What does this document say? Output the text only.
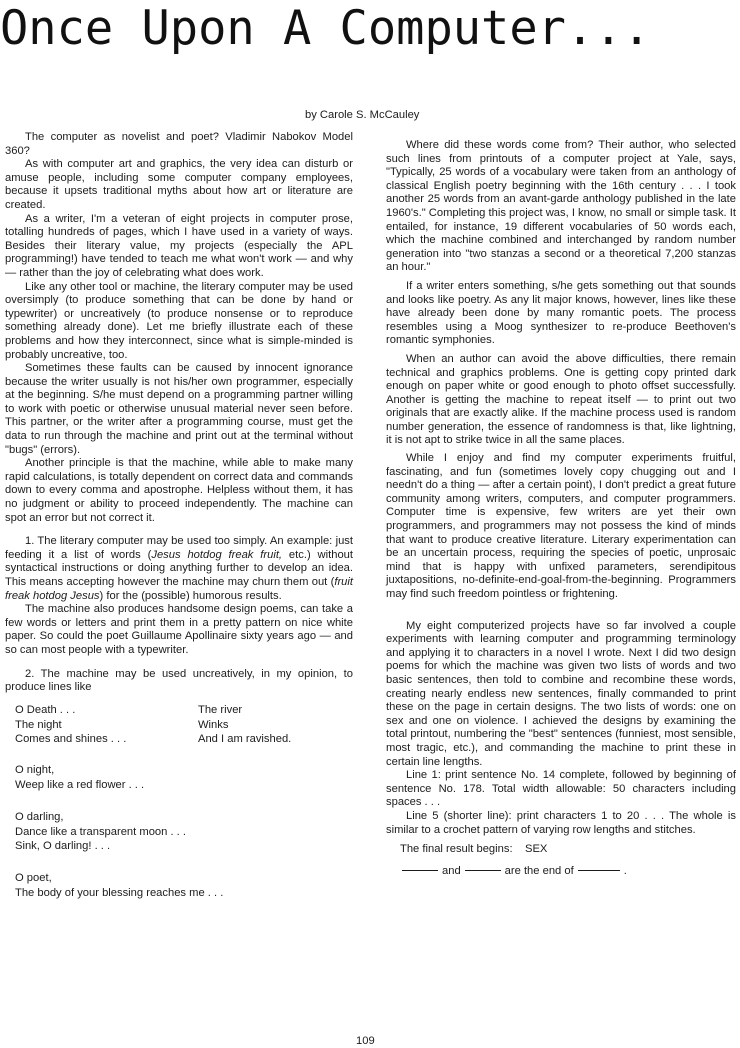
Once Upon A Computer...
by Carole S. McCauley

The computer as novelist and poet? Vladimir Nabokov Model 360?

As with computer art and graphics, the very idea can disturb or amuse people, including some computer company employees, because it upsets traditional myths about how art or literature are created.

As a writer, I'm a veteran of eight projects in computer prose, totalling hundreds of pages, which I have used in a variety of ways. Besides their literary value, my projects (especially the APL programming!) have tended to teach me what won't work — and why — rather than the joy of celebrating what does work.

Like any other tool or machine, the literary computer may be used oversimply (to produce something that can be done by hand or typewriter) or uncreatively (to produce nonsense or to reproduce something already done). Let me briefly illustrate each of these problems and how they interconnect, since what is simple-minded is probably uncreative, too.

Sometimes these faults can be caused by innocent ignorance because the writer usually is not his/her own programmer, especially at the beginning. S/he must depend on a programming partner willing to work with poetic or otherwise unusual material never seen before. This partner, or the writer after a programming course, must get the data to run through the machine and print out at the terminal without "bugs" (errors).

Another principle is that the machine, while able to make many rapid calculations, is totally dependent on correct data and commands down to every comma and apostrophe. Helpless without them, it has no judgment or ability to proceed independently. The machine can spot an error but not correct it.

1. The literary computer may be used too simply. An example: just feeding it a list of words (Jesus hotdog freak fruit, etc.) without syntactical instructions or doing anything further to develop an idea. This means accepting however the machine may churn them out (fruit freak hotdog Jesus) for the (possible) humorous results.

The machine also produces handsome design poems, can take a few words or letters and print them in a pretty pattern on nice white paper. So could the poet Guillaume Apollinaire sixty years ago — and so can most people with a typewriter.

2. The machine may be used uncreatively, in my opinion, to produce lines like

O Death . . .
The night
Comes and shines . . .
The river
Winks
And I am ravished.
O night,
Weep like a red flower . . .
O darling,
Dance like a transparent moon . . .
Sink, O darling! . . .
O poet,
The body of your blessing reaches me . . .

Where did these words come from? Their author, who selected such lines from printouts of a computer project at Yale, says, "Typically, 25 words of a vocabulary were taken from an anthology of classical English poetry beginning with the 16th century . . . I took another 25 words from an avant-garde anthology published in the late 1960's." Completing this project was, I know, no small or simple task. It entailed, for instance, 19 different vocabularies of 50 words each, which the machine combined and interchanged by random number generation into "two stanzas a second or a theoretical 7,200 stanzas an hour."

If a writer enters something, s/he gets something out that sounds and looks like poetry. As any lit major knows, however, lines like these have already been done by many romantic poets. The process resembles using a Moog synthesizer to re-produce Beethoven's romantic symphonies.

When an author can avoid the above difficulties, there remain technical and graphics problems. One is getting copy printed dark enough on paper white or good enough to photo offset successfully. Another is getting the machine to repeat itself — to print out two originals that are exactly alike. If the machine process used is random number generation, the essence of randomness is that, like lightning, it is not apt to strike twice in all the same places.

While I enjoy and find my computer experiments fruitful, fascinating, and fun (sometimes lovely copy chugging out and I needn't do a thing — after a certain point), I don't predict a great future community among writers, computers, and computer programmers. Computer time is expensive, few writers are yet their own programmers, and programmers may not possess the kind of minds that want to produce creative literature. Literary experimentation can be an uncertain process, requiring the species of poetic, unprosaic mind that is happy with unfixed parameters, serendipitous juxtapositions, no-definite-end-goal-from-the-beginning. Programmers may find such freedom pointless or frightening.

My eight computerized projects have so far involved a couple experiments with learning computer and programming terminology and applying it to characters in a novel I wrote. Next I did two design poems for which the machine was given two lists of words and two basic sentences, then told to combine and recombine these words, creating nearly endless new sentences, finally commanded to print these on the page in certain designs. The two lists of words: one on sex and one on violence. I achieved the designs by examining the total printout, numbering the "best" sentences (funniest, most sensible, most tragic, etc.), and commanding the machine to print these in certain line lengths.

Line 1: print sentence No. 14 complete, followed by beginning of sentence No. 178. Total width allowable: 50 characters including spaces . . .

Line 5 (shorter line): print characters 1 to 20 . . . The whole is similar to a crochet pattern of varying row lengths and stitches.

The final result begins: SEX
and	are the end of	.
109
